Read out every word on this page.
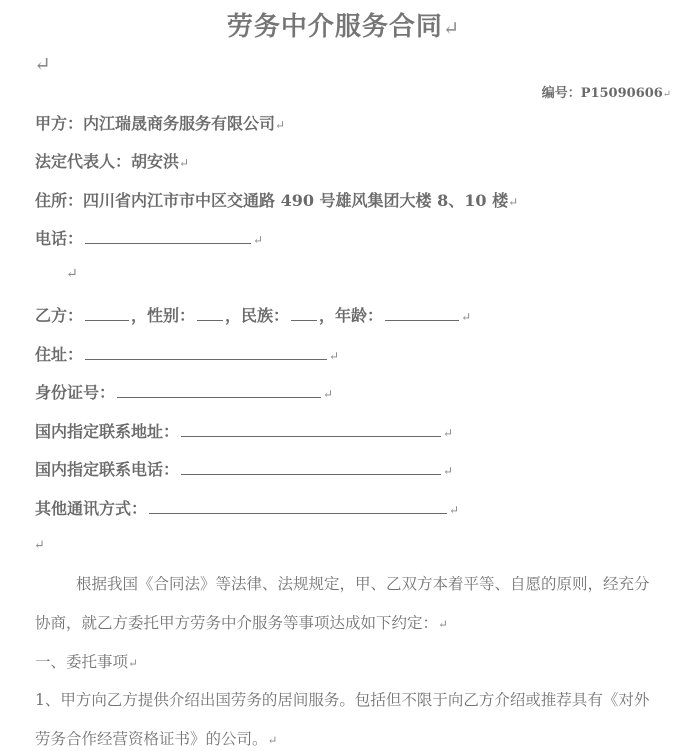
劳务中介服务合同↵
↵
编号：P15090606↵
甲方：内江瑞晟商务服务有限公司↵
法定代表人：胡安洪↵
住所：四川省内江市市中区交通路 490 号雄风集团大楼 8、10 楼↵
电话：	↵
↵
乙方：	，性别： ，民族： ，年龄：	↵
住址：	↵
身份证号：	↵
国内指定联系地址：	↵
国内指定联系电话：	↵
其他通讯方式：	↵
↵
根据我国《合同法》等法律、法规规定，甲、乙双方本着平等、自愿的原则，经充分
协商，就乙方委托甲方劳务中介服务等事项达成如下约定：↵
一、委托事项↵
1、甲方向乙方提供介绍出国劳务的居间服务。包括但不限于向乙方介绍或推荐具有《对外
劳务合作经营资格证书》的公司。↵
